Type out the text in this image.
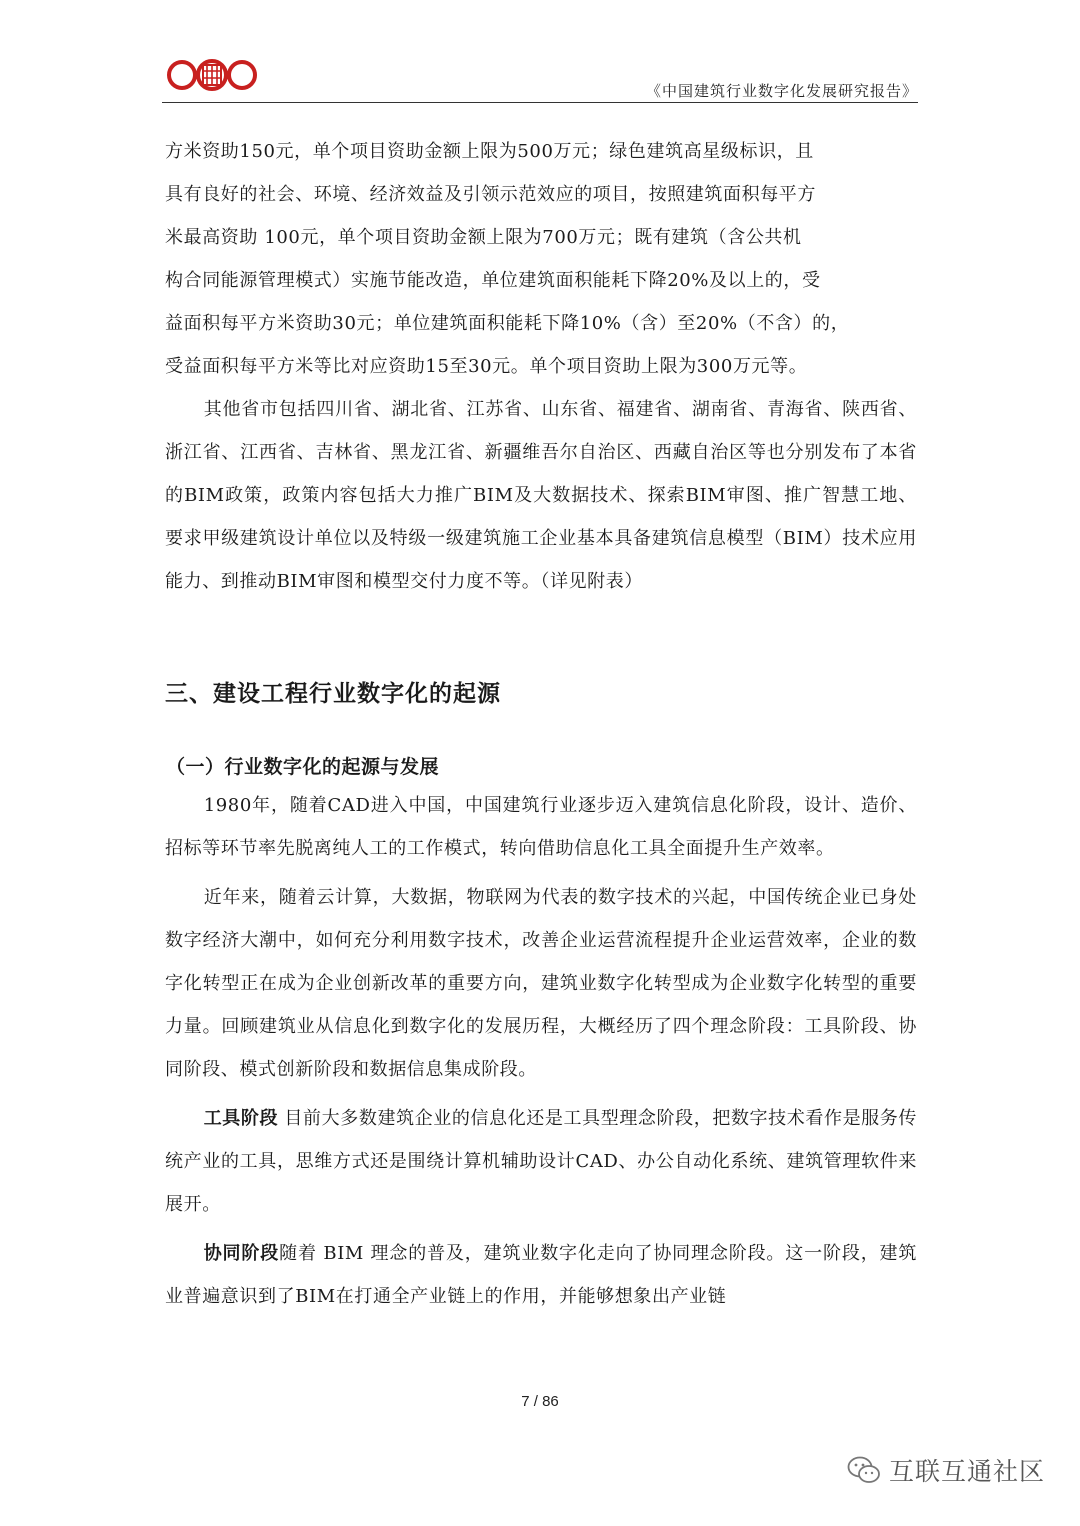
《中国建筑行业数字化发展研究报告》

方米资助150元，单个项目资助金额上限为500万元；绿色建筑高星级标识，且
具有良好的社会、环境、经济效益及引领示范效应的项目，按照建筑面积每平方
米最高资助 100元，单个项目资助金额上限为700万元；既有建筑（含公共机
构合同能源管理模式）实施节能改造，单位建筑面积能耗下降20%及以上的，受
益面积每平方米资助30元；单位建筑面积能耗下降10%（含）至20%（不含）的，
受益面积每平方米等比对应资助15至30元。单个项目资助上限为300万元等。

其他省市包括四川省、湖北省、江苏省、山东省、福建省、湖南省、青海省、陕西省、浙江省、江西省、吉林省、黑龙江省、新疆维吾尔自治区、西藏自治区等也分别发布了本省的BIM政策，政策内容包括大力推广BIM及大数据技术、探索BIM审图、推广智慧工地、要求甲级建筑设计单位以及特级一级建筑施工企业基本具备建筑信息模型（BIM）技术应用能力、到推动BIM审图和模型交付力度不等。（详见附表）

三、建设工程行业数字化的起源
（一）行业数字化的起源与发展

1980年，随着CAD进入中国，中国建筑行业逐步迈入建筑信息化阶段，设计、造价、招标等环节率先脱离纯人工的工作模式，转向借助信息化工具全面提升生产效率。

近年来，随着云计算，大数据，物联网为代表的数字技术的兴起，中国传统企业已身处数字经济大潮中，如何充分利用数字技术，改善企业运营流程提升企业运营效率，企业的数字化转型正在成为企业创新改革的重要方向，建筑业数字化转型成为企业数字化转型的重要力量。回顾建筑业从信息化到数字化的发展历程，大概经历了四个理念阶段：工具阶段、协同阶段、模式创新阶段和数据信息集成阶段。

工具阶段 目前大多数建筑企业的信息化还是工具型理念阶段，把数字技术看作是服务传统产业的工具，思维方式还是围绕计算机辅助设计CAD、办公自动化系统、建筑管理软件来展开。

协同阶段随着 BIM 理念的普及，建筑业数字化走向了协同理念阶段。这一阶段，建筑业普遍意识到了BIM在打通全产业链上的作用，并能够想象出产业链

7 / 86
互联互通社区
